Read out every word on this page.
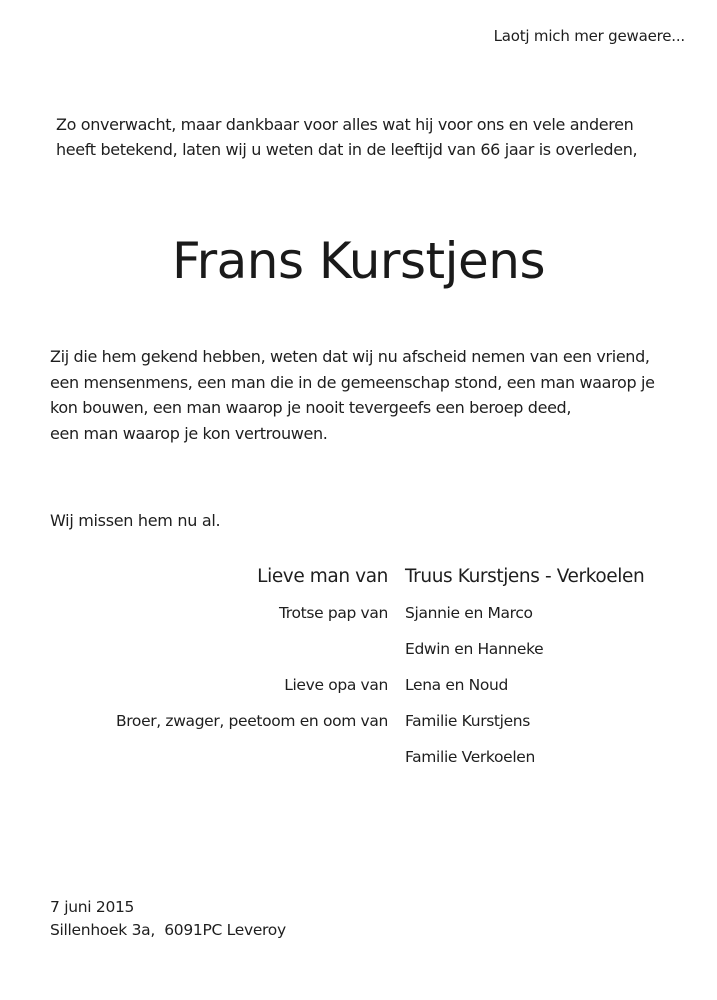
Laotj mich mer gewaere...
Zo onverwacht, maar dankbaar voor alles wat hij voor ons en vele anderen
heeft betekend, laten wij u weten dat in de leeftijd van 66 jaar is overleden,
Frans Kurstjens
Zij die hem gekend hebben, weten dat wij nu afscheid nemen van een vriend,
een mensenmens, een man die in de gemeenschap stond, een man waarop je
kon bouwen, een man waarop je nooit tevergeefs een beroep deed,
een man waarop je kon vertrouwen.
Wij missen hem nu al.
Lieve man van Truus Kurstjens - Verkoelen
Trotse pap van Sjannie en Marco
Edwin en Hanneke
Lieve opa van Lena en Noud
Broer, zwager, peetoom en oom van Familie Kurstjens
Familie Verkoelen
7 juni 2015
Sillenhoek 3a,  6091PC Leveroy
